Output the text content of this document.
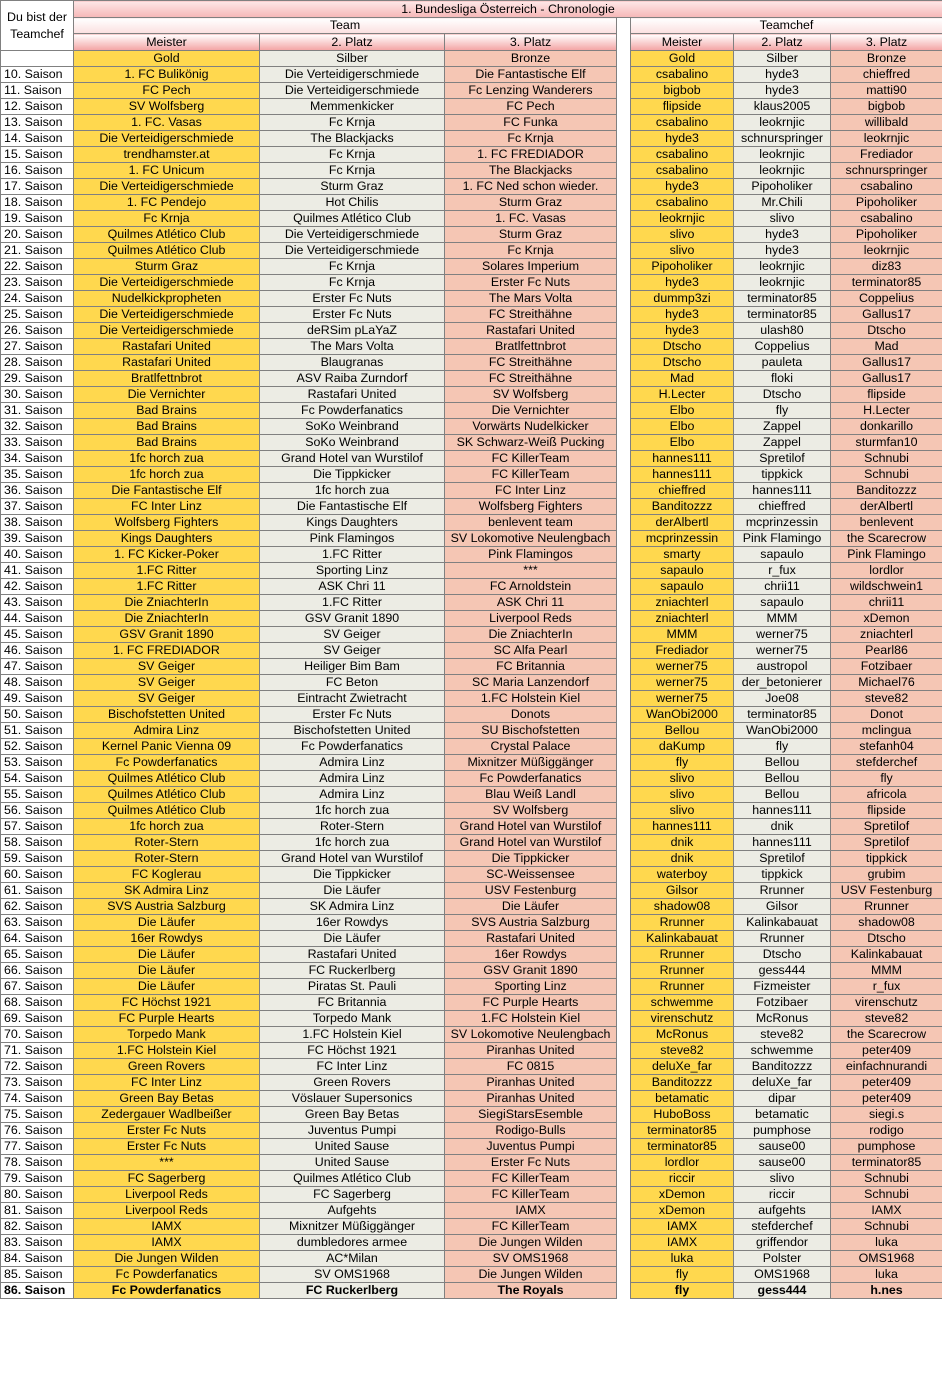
Du bist der Teamchef	1. Bundesliga Österreich - Chronologie						
	Team				Teamchef		
	Meister	2. Platz	3. Platz		Meister	2. Platz	3. Platz
	Gold	Silber	Bronze		Gold	Silber	Bronze
10. Saison	1. FC Bulikönig	Die Verteidigerschmiede	Die Fantastische Elf		csabalino	hyde3	chieffred
11. Saison	FC Pech	Die Verteidigerschmiede	Fc Lenzing Wanderers		bigbob	hyde3	matti90
12. Saison	SV Wolfsberg	Memmenkicker	FC Pech		flipside	klaus2005	bigbob
13. Saison	1. FC. Vasas	Fc Krnja	FC Funka		csabalino	leokrnjic	willibald
14. Saison	Die Verteidigerschmiede	The Blackjacks	Fc Krnja		hyde3	schnurspringer	leokrnjic
15. Saison	trendhamster.at	Fc Krnja	1. FC FREDIADOR		csabalino	leokrnjic	Frediador
16. Saison	1. FC Unicum	Fc Krnja	The Blackjacks		csabalino	leokrnjic	schnurspringer
17. Saison	Die Verteidigerschmiede	Sturm Graz	1. FC Ned schon wieder.		hyde3	Pipoholiker	csabalino
18. Saison	1. FC Pendejo	Hot Chilis	Sturm Graz		csabalino	Mr.Chili	Pipoholiker
19. Saison	Fc Krnja	Quilmes Atlético Club	1. FC. Vasas		leokrnjic	slivo	csabalino
20. Saison	Quilmes Atlético Club	Die Verteidigerschmiede	Sturm Graz		slivo	hyde3	Pipoholiker
21. Saison	Quilmes Atlético Club	Die Verteidigerschmiede	Fc Krnja		slivo	hyde3	leokrnjic
22. Saison	Sturm Graz	Fc Krnja	Solares Imperium		Pipoholiker	leokrnjic	diz83
23. Saison	Die Verteidigerschmiede	Fc Krnja	Erster Fc Nuts		hyde3	leokrnjic	terminator85
24. Saison	Nudelkickpropheten	Erster Fc Nuts	The Mars Volta		dummp3zi	terminator85	Coppelius
25. Saison	Die Verteidigerschmiede	Erster Fc Nuts	FC Streithähne		hyde3	terminator85	Gallus17
26. Saison	Die Verteidigerschmiede	deRSim pLaYaZ	Rastafari United		hyde3	ulash80	Dtscho
27. Saison	Rastafari United	The Mars Volta	Bratlfettnbrot		Dtscho	Coppelius	Mad
28. Saison	Rastafari United	Blaugranas	FC Streithähne		Dtscho	pauleta	Gallus17
29. Saison	Bratlfettnbrot	ASV Raiba Zurndorf	FC Streithähne		Mad	floki	Gallus17
30. Saison	Die Vernichter	Rastafari United	SV Wolfsberg		H.Lecter	Dtscho	flipside
31. Saison	Bad Brains	Fc Powderfanatics	Die Vernichter		Elbo	fly	H.Lecter
32. Saison	Bad Brains	SoKo Weinbrand	Vorwärts Nudelkicker		Elbo	Zappel	donkarillo
33. Saison	Bad Brains	SoKo Weinbrand	SK Schwarz-Weiß Pucking		Elbo	Zappel	sturmfan10
34. Saison	1fc horch zua	Grand Hotel van Wurstilof	FC KillerTeam		hannes111	Spretilof	Schnubi
35. Saison	1fc horch zua	Die Tippkicker	FC KillerTeam		hannes111	tippkick	Schnubi
36. Saison	Die Fantastische Elf	1fc horch zua	FC Inter Linz		chieffred	hannes111	Banditozzz
37. Saison	FC Inter Linz	Die Fantastische Elf	Wolfsberg Fighters		Banditozzz	chieffred	derAlbertl
38. Saison	Wolfsberg Fighters	Kings Daughters	benlevent team		derAlbertl	mcprinzessin	benlevent
39. Saison	Kings Daughters	Pink Flamingos	SV Lokomotive Neulengbach		mcprinzessin	Pink Flamingo	the Scarecrow
40. Saison	1. FC Kicker-Poker	1.FC Ritter	Pink Flamingos		smarty	sapaulo	Pink Flamingo
41. Saison	1.FC Ritter	Sporting Linz	***		sapaulo	r_fux	lordlor
42. Saison	1.FC Ritter	ASK Chri 11	FC Arnoldstein		sapaulo	chrii11	wildschwein1
43. Saison	Die ZniachterIn	1.FC Ritter	ASK Chri 11		zniachterl	sapaulo	chrii11
44. Saison	Die ZniachterIn	GSV Granit 1890	Liverpool Reds		zniachterl	MMM	xDemon
45. Saison	GSV Granit 1890	SV Geiger	Die ZniachterIn		MMM	werner75	zniachterl
46. Saison	1. FC FREDIADOR	SV Geiger	SC Alfa Pearl		Frediador	werner75	Pearl86
47. Saison	SV Geiger	Heiliger Bim Bam	FC Britannia		werner75	austropol	Fotzibaer
48. Saison	SV Geiger	FC Beton	SC Maria Lanzendorf		werner75	der_betonierer	Michael76
49. Saison	SV Geiger	Eintracht Zwietracht	1.FC Holstein Kiel		werner75	Joe08	steve82
50. Saison	Bischofstetten United	Erster Fc Nuts	Donots		WanObi2000	terminator85	Donot
51. Saison	Admira Linz	Bischofstetten United	SU Bischofstetten		Bellou	WanObi2000	mclingua
52. Saison	Kernel Panic Vienna 09	Fc Powderfanatics	Crystal Palace		daKump	fly	stefanh04
53. Saison	Fc Powderfanatics	Admira Linz	Mixnitzer Müßiggänger		fly	Bellou	stefderchef
54. Saison	Quilmes Atlético Club	Admira Linz	Fc Powderfanatics		slivo	Bellou	fly
55. Saison	Quilmes Atlético Club	Admira Linz	Blau Weiß Landl		slivo	Bellou	africola
56. Saison	Quilmes Atlético Club	1fc horch zua	SV Wolfsberg		slivo	hannes111	flipside
57. Saison	1fc horch zua	Roter-Stern	Grand Hotel van Wurstilof		hannes111	dnik	Spretilof
58. Saison	Roter-Stern	1fc horch zua	Grand Hotel van Wurstilof		dnik	hannes111	Spretilof
59. Saison	Roter-Stern	Grand Hotel van Wurstilof	Die Tippkicker		dnik	Spretilof	tippkick
60. Saison	FC Koglerau	Die Tippkicker	SC-Weissensee		waterboy	tippkick	grubim
61. Saison	SK Admira Linz	Die Läufer	USV Festenburg		Gilsor	Rrunner	USV Festenburg
62. Saison	SVS Austria Salzburg	SK Admira Linz	Die Läufer		shadow08	Gilsor	Rrunner
63. Saison	Die Läufer	16er Rowdys	SVS Austria Salzburg		Rrunner	Kalinkabauat	shadow08
64. Saison	16er Rowdys	Die Läufer	Rastafari United		Kalinkabauat	Rrunner	Dtscho
65. Saison	Die Läufer	Rastafari United	16er Rowdys		Rrunner	Dtscho	Kalinkabauat
66. Saison	Die Läufer	FC Ruckerlberg	GSV Granit 1890		Rrunner	gess444	MMM
67. Saison	Die Läufer	Piratas St. Pauli	Sporting Linz		Rrunner	Fizmeister	r_fux
68. Saison	FC Höchst 1921	FC Britannia	FC Purple Hearts		schwemme	Fotzibaer	virenschutz
69. Saison	FC Purple Hearts	Torpedo Mank	1.FC Holstein Kiel		virenschutz	McRonus	steve82
70. Saison	Torpedo Mank	1.FC Holstein Kiel	SV Lokomotive Neulengbach		McRonus	steve82	the Scarecrow
71. Saison	1.FC Holstein Kiel	FC Höchst 1921	Piranhas United		steve82	schwemme	peter409
72. Saison	Green Rovers	FC Inter Linz	FC 0815		deluXe_far	Banditozzz	einfachnurandi
73. Saison	FC Inter Linz	Green Rovers	Piranhas United		Banditozzz	deluXe_far	peter409
74. Saison	Green Bay Betas	Vöslauer Supersonics	Piranhas United		betamatic	dipar	peter409
75. Saison	Zedergauer Wadlbeißer	Green Bay Betas	SiegiStarsEsemble		HuboBoss	betamatic	siegi.s
76. Saison	Erster Fc Nuts	Juventus Pumpi	Rodigo-Bulls		terminator85	pumphose	rodigo
77. Saison	Erster Fc Nuts	United Sause	Juventus Pumpi		terminator85	sause00	pumphose
78. Saison	***	United Sause	Erster Fc Nuts		lordlor	sause00	terminator85
79. Saison	FC Sagerberg	Quilmes Atlético Club	FC KillerTeam		riccir	slivo	Schnubi
80. Saison	Liverpool Reds	FC Sagerberg	FC KillerTeam		xDemon	riccir	Schnubi
81. Saison	Liverpool Reds	Aufgehts	IAMX		xDemon	aufgehts	IAMX
82. Saison	IAMX	Mixnitzer Müßiggänger	FC KillerTeam		IAMX	stefderchef	Schnubi
83. Saison	IAMX	dumbledores armee	Die Jungen Wilden		IAMX	griffendor	luka
84. Saison	Die Jungen Wilden	AC*Milan	SV OMS1968		luka	Polster	OMS1968
85. Saison	Fc Powderfanatics	SV OMS1968	Die Jungen Wilden		fly	OMS1968	luka
86. Saison	Fc Powderfanatics	FC Ruckerlberg	The Royals		fly	gess444	h.nes
